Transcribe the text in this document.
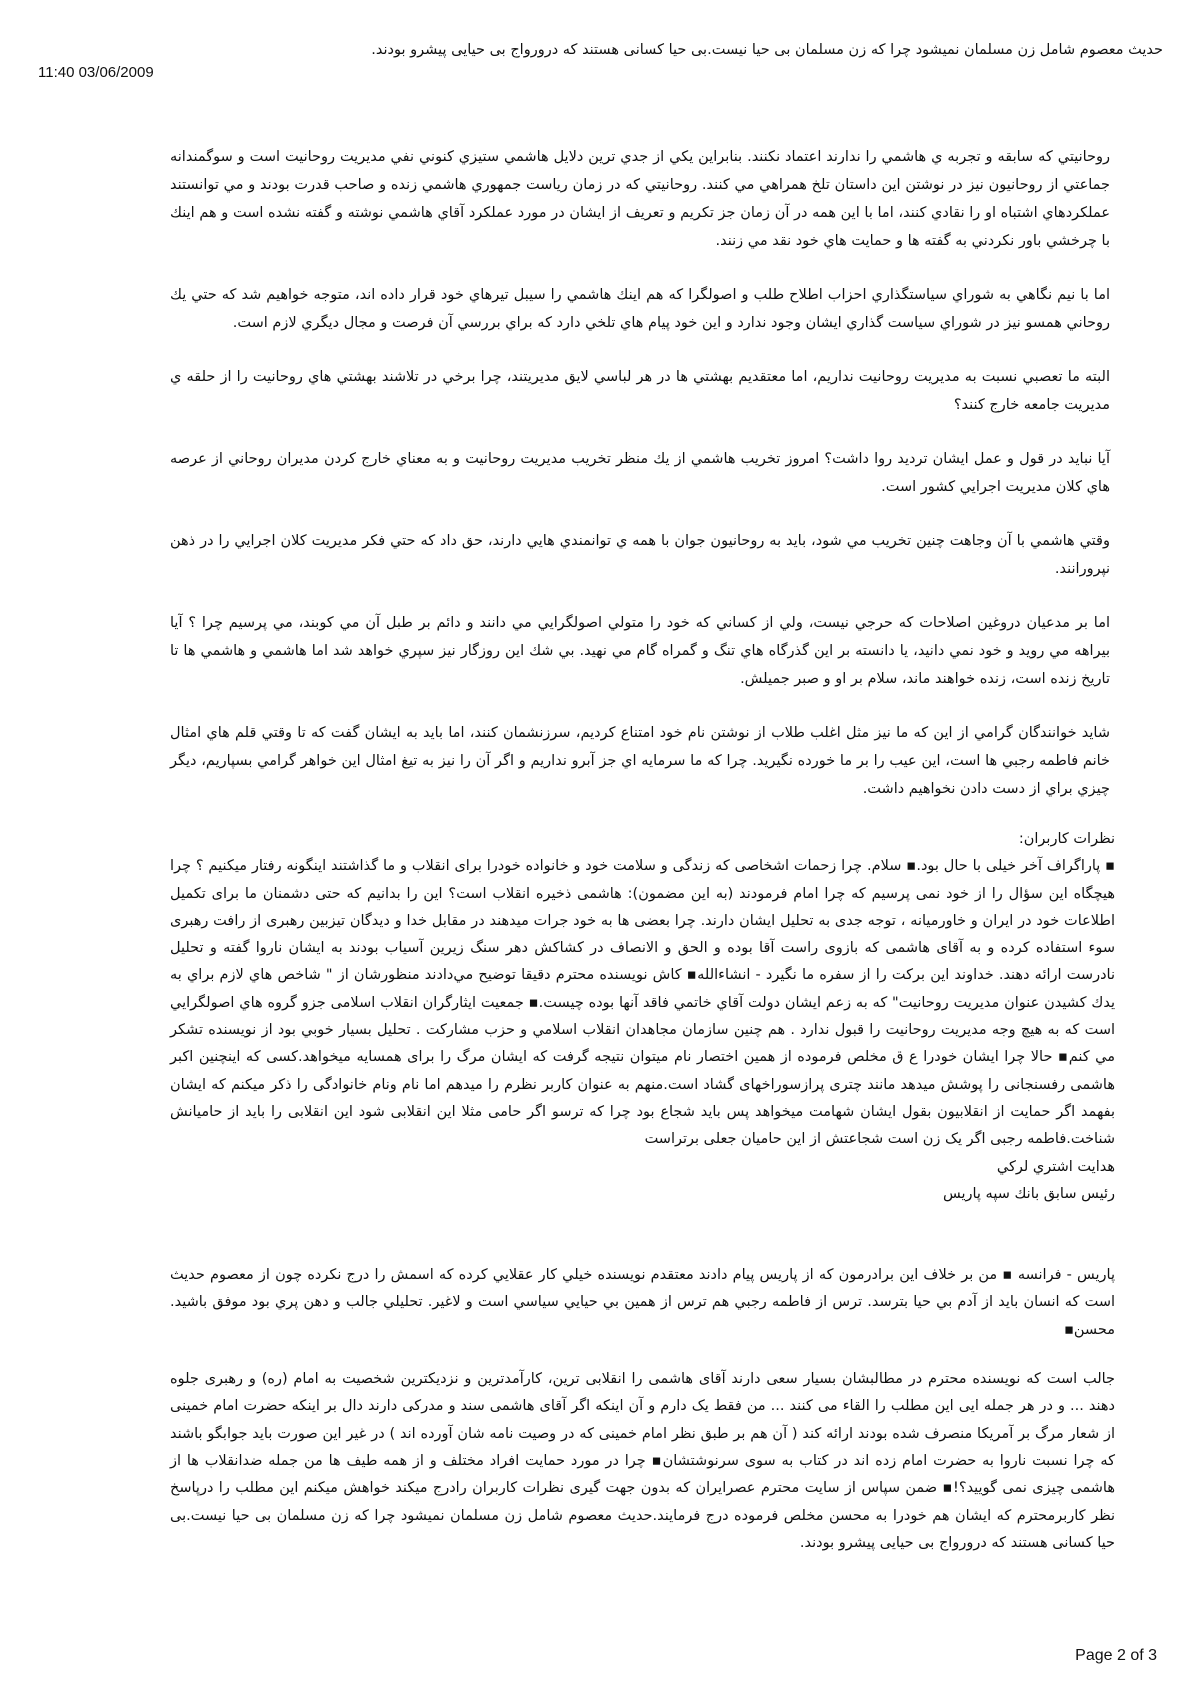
حديث معصوم شامل زن مسلمان نميشود چرا كه زن مسلمان بی حيا نيست.بی حيا كسانی هستند كه درورواج بی حيايی پيشرو بودند.
11:40 03/06/2009

روحانيتي كه سابقه و تجربه ي هاشمي را ندارند اعتماد نكنند. بنابراين يكي از جدي ترين دلايل هاشمي ستيزي كنوني نفي مديريت روحانيت است و سوگمندانه جماعتي از روحانيون نيز در نوشتن اين داستان تلخ همراهي مي كنند. روحانيتي كه در زمان رياست جمهوري هاشمي زنده و صاحب قدرت بودند و مي توانستند عملكردهاي اشتباه او را نقادي كنند، اما با اين همه در آن زمان جز تكريم و تعريف از ايشان در مورد عملكرد آقاي هاشمي نوشته و گفته نشده است و هم اينك با چرخشي باور نكردني به گفته ها و حمايت هاي خود نقد مي زنند.

اما با نيم نگاهي به شوراي سياستگذاري احزاب اطلاح طلب و اصولگرا كه هم اينك هاشمي را سيبل تيرهاي خود قرار داده اند، متوجه خواهيم شد كه حتي يك روحاني همسو نيز در شوراي سياست گذاري ايشان وجود ندارد و اين خود پيام هاي تلخي دارد كه براي بررسي آن فرصت و مجال ديگري لازم است.

البته ما تعصبي نسبت به مديريت روحانيت نداريم، اما معتقديم بهشتي ها در هر لباسي لايق مديريتند، چرا برخي در تلاشند بهشتي هاي روحانيت را از حلقه ي مديريت جامعه خارج كنند؟

آيا نبايد در قول و عمل ايشان ترديد روا داشت؟ امروز تخريب هاشمي از يك منظر تخريب مديريت روحانيت و به معناي خارج كردن مديران روحاني از عرصه هاي كلان مديريت اجرايي كشور است.

وقتي هاشمي با آن وجاهت چنين تخريب مي شود، بايد به روحانيون جوان با همه ي توانمندي هايي دارند، حق داد كه حتي فكر مديريت كلان اجرايي را در ذهن نپرورانند.

اما بر مدعيان دروغين اصلاحات كه حرجي نيست، ولي از كساني كه خود را متولي اصولگرايي مي دانند و دائم بر طبل آن مي كوبند، مي پرسيم چرا ؟ آيا بيراهه مي رويد و خود نمي دانيد، يا دانسته بر اين گذرگاه هاي تنگ و گمراه گام مي نهيد. بي شك اين روزگار نيز سپري خواهد شد اما هاشمي و هاشمي ها تا تاريخ زنده است، زنده خواهند ماند، سلام بر او و صبر جميلش.

شايد خوانندگان گرامي از اين كه ما نيز مثل اغلب طلاب از نوشتن نام خود امتناع كرديم، سرزنشمان كنند، اما بايد به ايشان گفت كه تا وقتي قلم هاي امثال خانم فاطمه رجبي ها است، اين عيب را بر ما خورده نگيريد. چرا كه ما سرمايه اي جز آبرو نداريم و اگر آن را نيز به تيغ امثال اين خواهر گرامي بسپاريم، ديگر چيزي براي از دست دادن نخواهيم داشت.

نظرات کاربران:

▪ پاراگراف آخر خیلی با حال بود.▪ سلام. چرا زحمات اشخاصی که زندگی و سلامت خود و خانواده خودرا برای انقلاب و ما گذاشتند اینگونه رفتار میکنیم ؟ چرا هیچگاه این سؤال را از خود نمی پرسیم که چرا امام فرمودند (به این مضمون): هاشمی ذخیره انقلاب است؟ این را بدانیم که حتی دشمنان ما برای تکمیل اطلاعات خود در ایران و خاورمیانه ، توجه جدی به تحلیل ایشان دارند. چرا بعضی ها به خود جرات میدهند در مقابل خدا و دیدگان تیزبین رهبری از رافت رهبری سوء استفاده کرده و به آقای هاشمی که بازوی راست آقا بوده و الحق و الانصاف در کشاکش دهر سنگ زیرین آسیاب بودند به ایشان ناروا گفته و تحلیل نادرست ارائه دهند. خداوند این برکت را از سفره ما نگیرد - انشاءالله▪ كاش نويسنده محترم دقيقا توضيح مي‌دادند منظورشان از " شاخص هاي لازم براي به يدك كشيدن عنوان مديريت روحانيت" كه به زعم ايشان دولت آقاي خاتمي فاقد آنها بوده چيست.▪ جمعیت ایثارگران انقلاب اسلامی جزو گروه هاي اصولگرايي است که به هيچ وجه مديريت روحانيت را قبول ندارد . هم چنين سازمان مجاهدان انقلاب اسلامي و حزب مشاركت . تحليل بسيار خوبي بود از نويسنده تشكر مي كنم▪ حالا چرا ایشان خودرا ع ق مخلص فرموده از همین اختصار نام میتوان نتیجه گرفت که ایشان مرگ را برای همسایه میخواهد.کسی که اینچنین اکبر هاشمی رفسنجانی را پوشش میدهد مانند چتری پرازسوراخهای گشاد است.منهم به عنوان کاربر نظرم را میدهم اما نام ونام خانوادگی را ذکر میکنم که ایشان بفهمد اگر حمایت از انقلابیون بقول ایشان شهامت میخواهد پس باید شجاع بود چرا که ترسو اگر حامی مثلا این انقلابی شود این انقلابی را باید از حامیانش شناخت.فاطمه رجبی اگر یک زن است شجاعتش از این حامیان جعلی برتراست

هدايت اشتري لركي

رئيس سابق بانك سپه پاريس

پاريس - فرانسه ▪ من بر خلاف اين برادرمون كه از پاريس پيام دادند معتقدم نويسنده خيلي كار عقلايي كرده كه اسمش را درج نكرده چون از معصوم حديث است كه انسان بايد از آدم بي حيا بترسد. ترس از فاطمه رجبي هم ترس از همين بي حيايي سياسي است و لاغير. تحليلي جالب و دهن پري بود موفق باشيد. محسن▪

جالب است که نویسنده محترم در مطالبشان بسیار سعی دارند آقای هاشمی را انقلابی ترین، کارآمدترین و نزدیکترین شخصیت به امام (ره) و رهبری جلوه دهند ... و در هر جمله ایی این مطلب را القاء می کنند ... من فقط یک دارم و آن اینکه اگر آقای هاشمی سند و مدرکی دارند دال بر اینکه حضرت امام خمینی از شعار مرگ بر آمریکا منصرف شده بودند ارائه کند ( آن هم بر طبق نظر امام خمینی که در وصیت نامه شان آورده اند ) در غیر این صورت باید جوابگو باشند که چرا نسبت ناروا به حضرت امام زده اند در کتاب به سوی سرنوشتشان▪ چرا در مورد حمایت افراد مختلف و از همه طیف ها من جمله ضدانقلاب ها از هاشمی چیزی نمی گویید؟!▪ ضمن سپاس از سایت محترم عصرایران که بدون جهت گیری نظرات کاربران رادرج میکند خواهش میکنم این مطلب را درپاسخ نظر کاربرمحترم که ایشان هم خودرا به محسن مخلص فرموده درج فرمایند.حديث معصوم شامل زن مسلمان نميشود چرا كه زن مسلمان بی حيا نيست.بی حيا كسانی هستند كه درورواج بی حيايی پيشرو بودند.

Page 2 of 3
